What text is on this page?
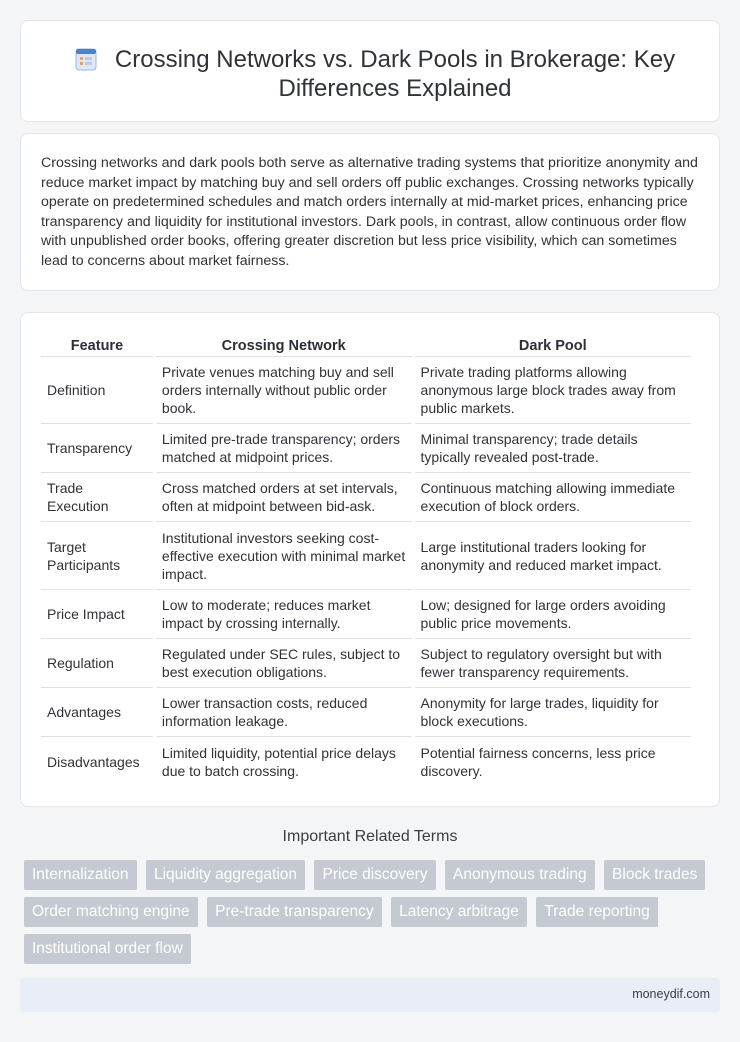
Crossing Networks vs. Dark Pools in Brokerage: Key Differences Explained

Crossing networks and dark pools both serve as alternative trading systems that prioritize anonymity and reduce market impact by matching buy and sell orders off public exchanges. Crossing networks typically operate on predetermined schedules and match orders internally at mid-market prices, enhancing price transparency and liquidity for institutional investors. Dark pools, in contrast, allow continuous order flow with unpublished order books, offering greater discretion but less price visibility, which can sometimes lead to concerns about market fairness.

Feature	Crossing Network	Dark Pool
Definition	Private venues matching buy and sell orders internally without public order book.	Private trading platforms allowing anonymous large block trades away from public markets.
Transparency	Limited pre-trade transparency; orders matched at midpoint prices.	Minimal transparency; trade details typically revealed post-trade.
Trade Execution	Cross matched orders at set intervals, often at midpoint between bid-ask.	Continuous matching allowing immediate execution of block orders.
Target Participants	Institutional investors seeking cost-effective execution with minimal market impact.	Large institutional traders looking for anonymity and reduced market impact.
Price Impact	Low to moderate; reduces market impact by crossing internally.	Low; designed for large orders avoiding public price movements.
Regulation	Regulated under SEC rules, subject to best execution obligations.	Subject to regulatory oversight but with fewer transparency requirements.
Advantages	Lower transaction costs, reduced information leakage.	Anonymity for large trades, liquidity for block executions.
Disadvantages	Limited liquidity, potential price delays due to batch crossing.	Potential fairness concerns, less price discovery.
Important Related Terms
Internalization Liquidity aggregation Price discovery Anonymous trading Block trades Order matching engine Pre-trade transparency Latency arbitrage Trade reporting Institutional order flow
moneydif.com
